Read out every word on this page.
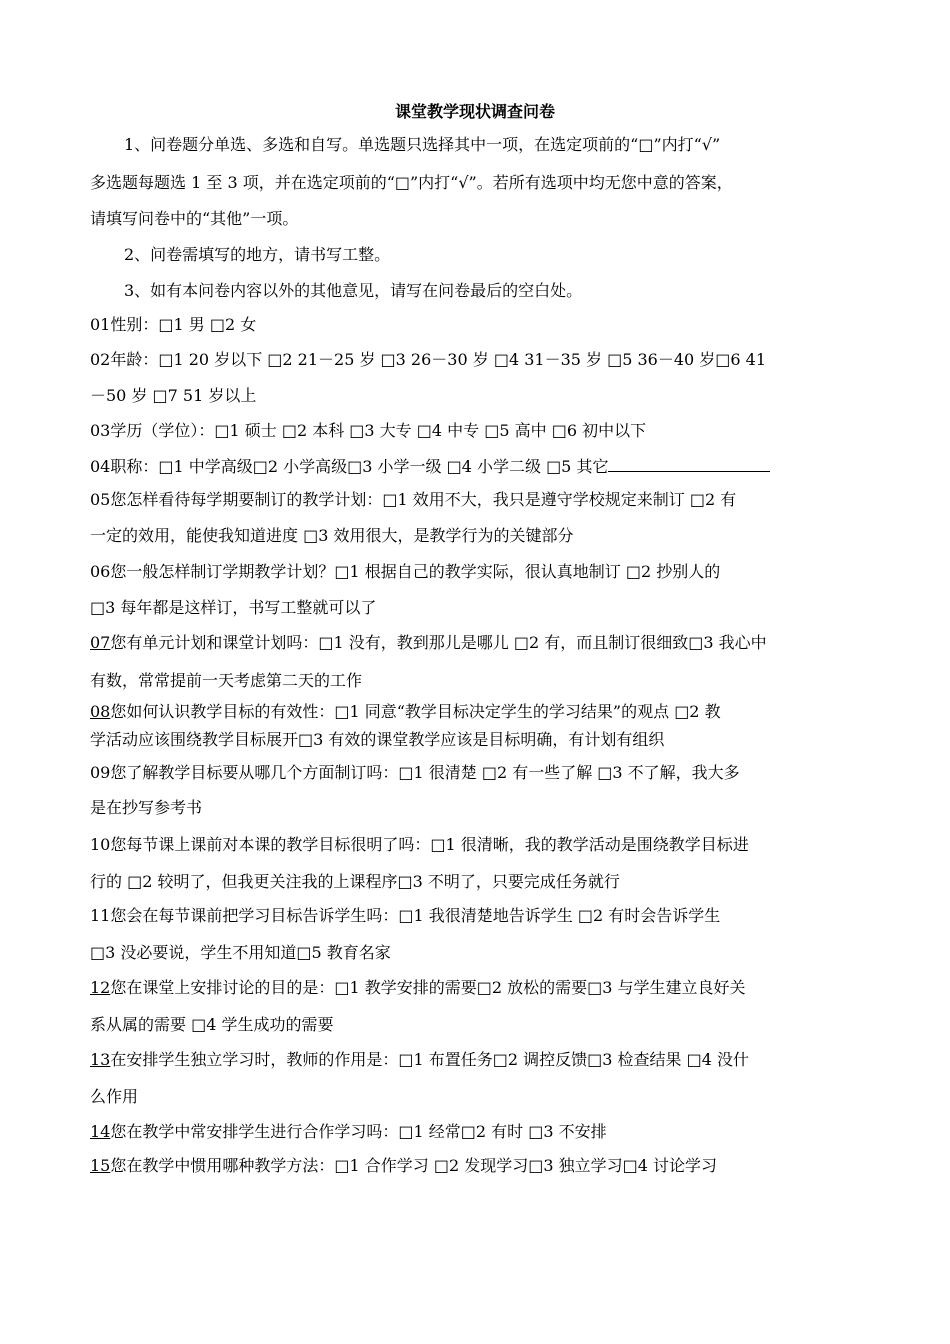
课堂教学现状调查问卷
1、问卷题分单选、多选和自写。单选题只选择其中一项，在选定项前的“□”内打“√”
多选题每题选 1 至 3 项，并在选定项前的“□”内打“√”。若所有选项中均无您中意的答案，
请填写问卷中的“其他”一项。
2、问卷需填写的地方，请书写工整。
3、如有本问卷内容以外的其他意见，请写在问卷最后的空白处。
01性别：□1 男 □2 女
02年龄：□1 20 岁以下 □2 21－25 岁 □3 26－30 岁 □4 31－35 岁 □5 36－40 岁□6 41
－50 岁 □7 51 岁以上
03学历（学位）：□1 硕士 □2 本科 □3 大专 □4 中专 □5 高中 □6 初中以下
04职称：□1 中学高级□2 小学高级□3 小学一级 □4 小学二级 □5 其它
05您怎样看待每学期要制订的教学计划：□1 效用不大，我只是遵守学校规定来制订 □2 有
一定的效用，能使我知道进度 □3 效用很大，是教学行为的关键部分
06您一般怎样制订学期教学计划？□1 根据自己的教学实际，很认真地制订 □2 抄别人的
□3 每年都是这样订，书写工整就可以了
07您有单元计划和课堂计划吗：□1 没有，教到那儿是哪儿 □2 有，而且制订很细致□3 我心中
有数，常常提前一天考虑第二天的工作
08您如何认识教学目标的有效性：□1 同意“教学目标决定学生的学习结果”的观点 □2 教
学活动应该围绕教学目标展开□3 有效的课堂教学应该是目标明确，有计划有组织
09您了解教学目标要从哪几个方面制订吗：□1 很清楚 □2 有一些了解 □3 不了解，我大多
是在抄写参考书
10您每节课上课前对本课的教学目标很明了吗：□1 很清晰，我的教学活动是围绕教学目标进
行的 □2 较明了，但我更关注我的上课程序□3 不明了，只要完成任务就行
11您会在每节课前把学习目标告诉学生吗：□1 我很清楚地告诉学生 □2 有时会告诉学生
□3 没必要说，学生不用知道□5 教育名家
12您在课堂上安排讨论的目的是：□1 教学安排的需要□2 放松的需要□3 与学生建立良好关
系从属的需要 □4 学生成功的需要
13在安排学生独立学习时，教师的作用是：□1 布置任务□2 调控反馈□3 检查结果 □4 没什
么作用
14您在教学中常安排学生进行合作学习吗：□1 经常□2 有时 □3 不安排
15您在教学中惯用哪种教学方法：□1 合作学习 □2 发现学习□3 独立学习□4 讨论学习
